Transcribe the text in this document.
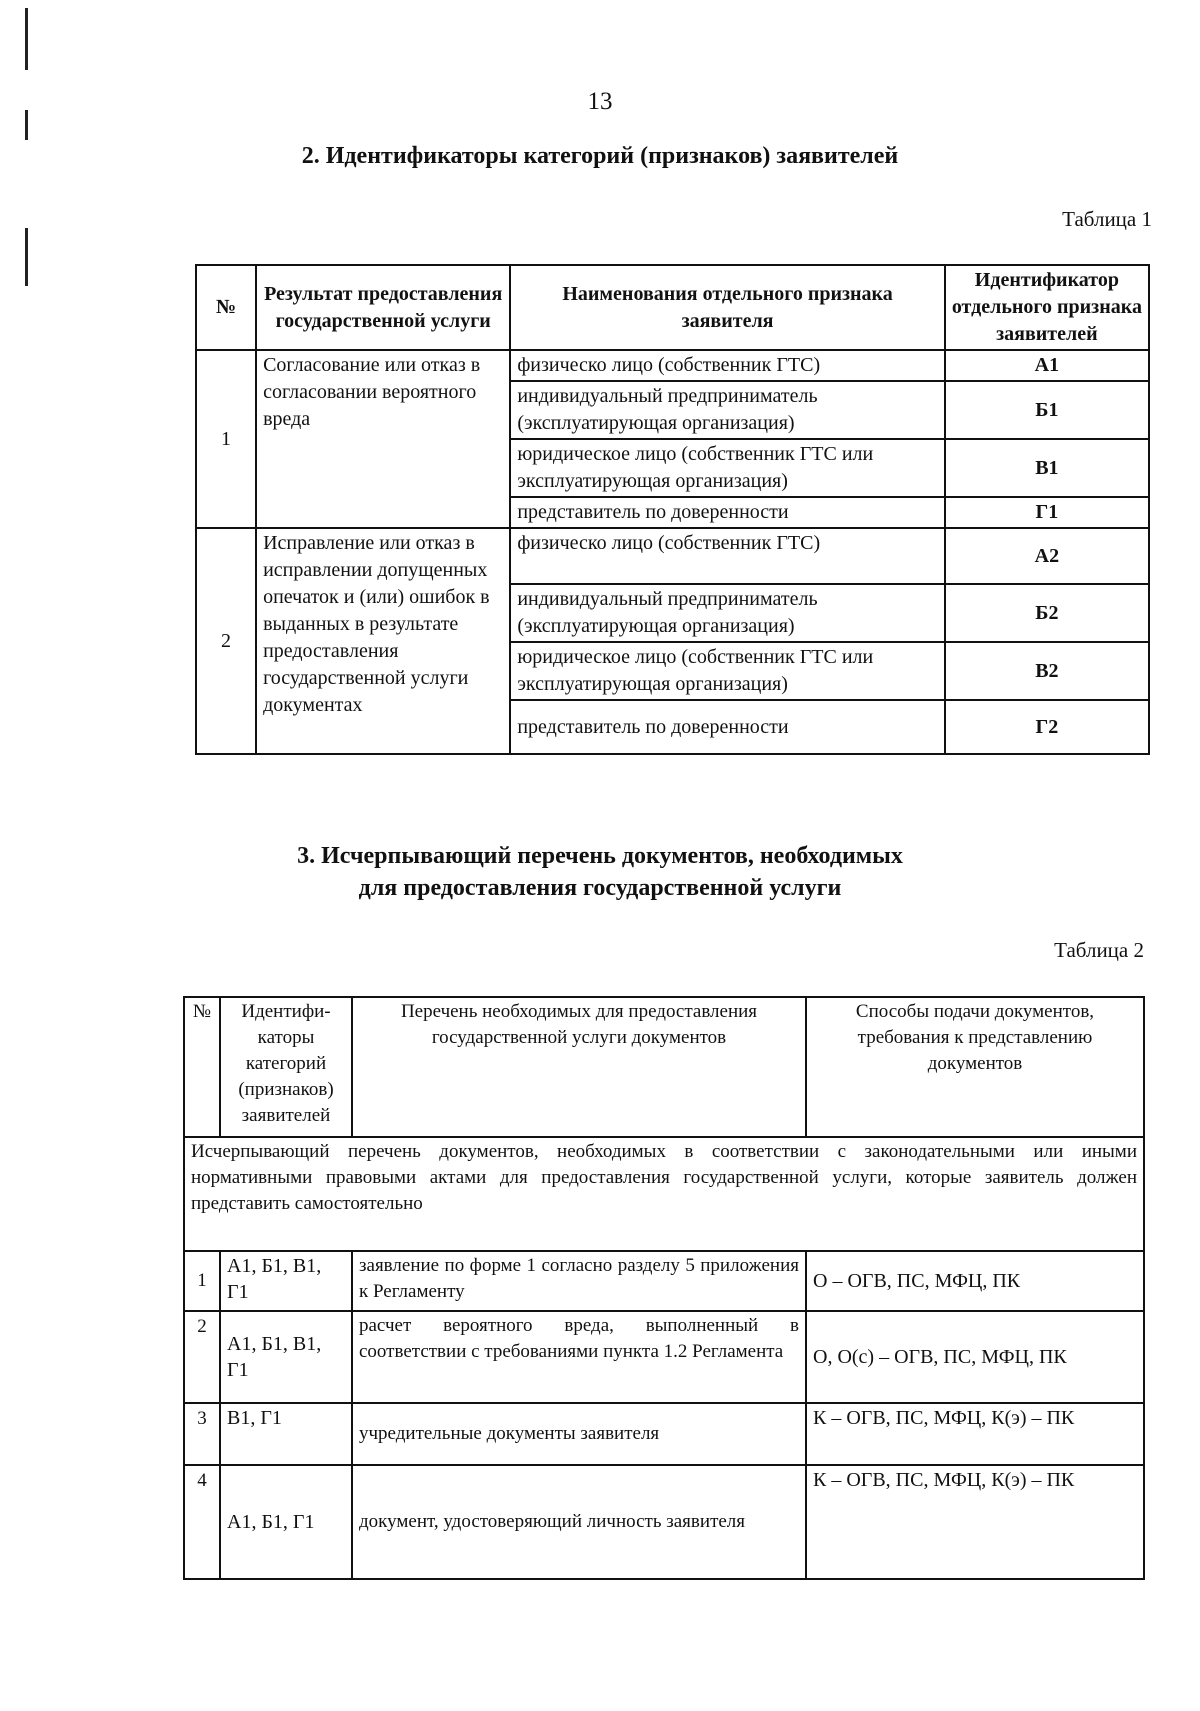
13
2. Идентификаторы категорий (признаков) заявителей
Таблица 1
№	Результат предоставления государственной услуги	Наименования отдельного признака заявителя	Идентификатор отдельного признака заявителей
1	Согласование или отказ в согласовании вероятного вреда	физическо лицо (собственник ГТС)	А1
		индивидуальный предприниматель (эксплуатирующая организация)	Б1
		юридическое лицо (собственник ГТС или эксплуатирующая организация)	В1
		представитель по доверенности	Г1
2	Исправление или отказ в исправлении допущенных опечаток и (или) ошибок в выданных в результате предоставления государственной услуги документах	физическо лицо (собственник ГТС)	А2
		индивидуальный предприниматель (эксплуатирующая организация)	Б2
		юридическое лицо (собственник ГТС или эксплуатирующая организация)	В2
		представитель по доверенности	Г2
3. Исчерпывающий перечень документов, необходимых
для предоставления государственной услуги
Таблица 2
№	Идентифи-каторы категорий (признаков) заявителей	Перечень необходимых для предоставления государственной услуги документов	Способы подачи документов, требования к представлению документов
Исчерпывающий перечень документов, необходимых в соответствии с законодательными или иными нормативными правовыми актами для предоставления государственной услуги, которые заявитель должен представить самостоятельно			
1	А1, Б1, В1, Г1	заявление по форме 1 согласно разделу 5 приложения к Регламенту	О – ОГВ, ПС, МФЦ, ПК
2	А1, Б1, В1, Г1	расчет вероятного вреда, выполненный в соответствии с требованиями пункта 1.2 Регламента	О, О(с) – ОГВ, ПС, МФЦ, ПК
3	В1, Г1	учредительные документы заявителя	К – ОГВ, ПС, МФЦ, К(э) – ПК
4	А1, Б1, Г1	документ, удостоверяющий личность заявителя	К – ОГВ, ПС, МФЦ, К(э) – ПК
